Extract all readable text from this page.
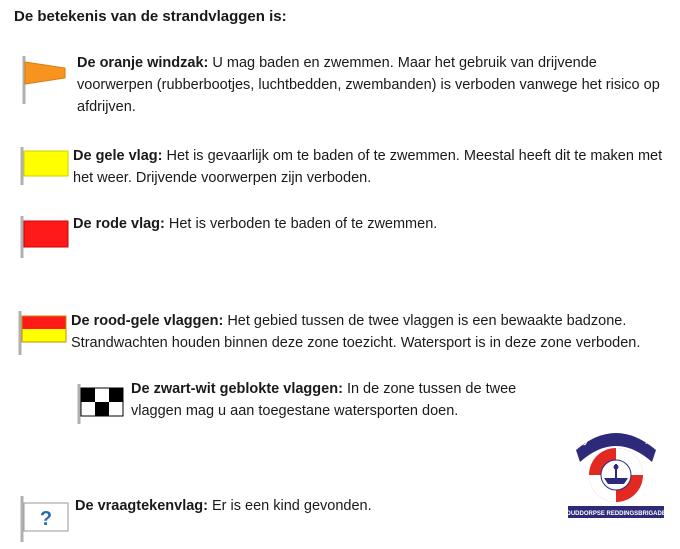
De betekenis van de strandvlaggen is:
De oranje windzak: U mag baden en zwemmen. Maar het gebruik van drijvende voorwerpen (rubberbootjes, luchtbedden, zwembanden) is verboden vanwege het risico op afdrijven.
De gele vlag: Het is gevaarlijk om te baden of te zwemmen. Meestal heeft dit te maken met het weer. Drijvende voorwerpen zijn verboden.
De rode vlag: Het is verboden te baden of te zwemmen.
De rood-gele vlaggen: Het gebied tussen de twee vlaggen is een bewaakte badzone. Strandwachten houden binnen deze zone toezicht. Watersport is in deze zone verboden.
De zwart-wit geblokte vlaggen: In de zone tussen de twee vlaggen mag u aan toegestane watersporten doen.
?
De vraagtekenvlag: Er is een kind gevonden.
STRANDWACHT
OUDDORPSE REDDINGSBRIGADE
